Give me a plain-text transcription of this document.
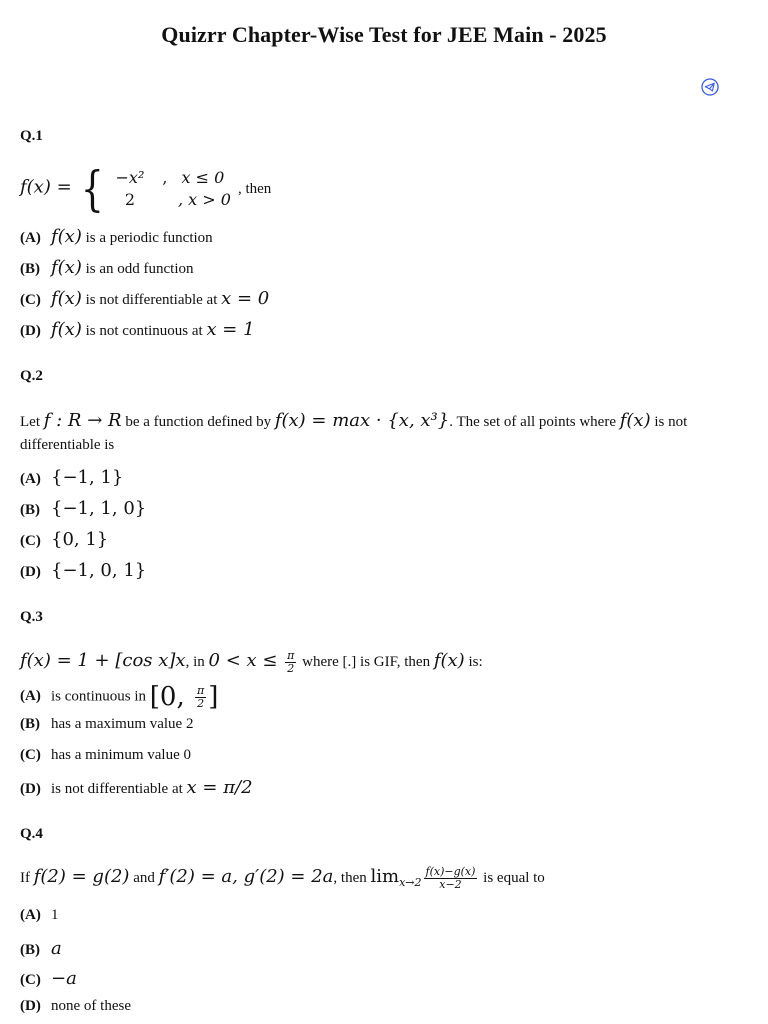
Quizrr Chapter-Wise Test for JEE Main - 2025
Q.1
f(x) = { −x²	, x ≤ 0
2	, x > 0
, then
(A) f(x) is a periodic function
(B) f(x) is an odd function
(C) f(x) is not differentiable at x = 0
(D) f(x) is not continuous at x = 1
Q.2
Let f : R → R be a function defined by f(x) = max · {x, x³}. The set of all points where f(x) is not
differentiable is
(A) {−1, 1}
(B) {−1, 1, 0}
(C) {0, 1}
(D) {−1, 0, 1}
Q.3
f(x) = 1 + [cos x]x, in $0 < x \le \frac{\pi}{2}$ where [.] is GIF, then f(x) is:
(A) is continuous in [0, $\frac{\pi}{2}$ ]
(B) has a maximum value 2
(C) has a minimum value 0
(D) is not differentiable at x = π/2
Q.4
If f(2) = g(2) and f′(2) = a, g′(2) = 2a, then $\lim_{x\to 2} \frac{f(x)-g(x)}{x-2}$ is equal to
(A) 1
(B) a
(C) −a
(D) none of these
